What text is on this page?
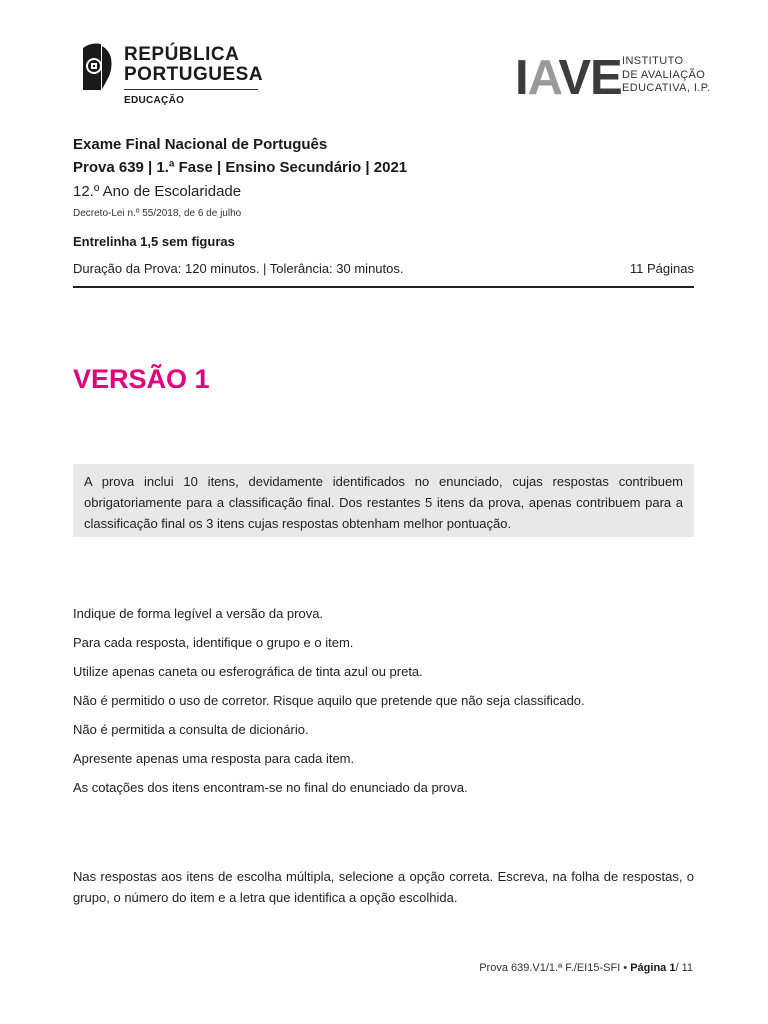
REPÚBLICA
PORTUGUESA
EDUCAÇÃO	IAVE INSTITUTO
DE AVALIAÇÃO
EDUCATIVA, I.P.
Exame Final Nacional de Português
Prova 639 | 1.ª Fase | Ensino Secundário | 2021
12.º Ano de Escolaridade
Decreto-Lei n.º 55/2018, de 6 de julho
Entrelinha 1,5 sem figuras
Duração da Prova: 120 minutos. | Tolerância: 30 minutos.	11 Páginas
VERSÃO 1
A prova inclui 10 itens, devidamente identificados no enunciado, cujas respostas contribuem obrigatoriamente para a classificação final. Dos restantes 5 itens da prova, apenas contribuem para a classificação final os 3 itens cujas respostas obtenham melhor pontuação.
Indique de forma legível a versão da prova.
Para cada resposta, identifique o grupo e o item.
Utilize apenas caneta ou esferográfica de tinta azul ou preta.
Não é permitido o uso de corretor. Risque aquilo que pretende que não seja classificado.
Não é permitida a consulta de dicionário.
Apresente apenas uma resposta para cada item.
As cotações dos itens encontram-se no final do enunciado da prova.
Nas respostas aos itens de escolha múltipla, selecione a opção correta. Escreva, na folha de respostas, o grupo, o número do item e a letra que identifica a opção escolhida.
Prova 639.V1/1.ª F./EI15-SFI • Página 1/ 11
